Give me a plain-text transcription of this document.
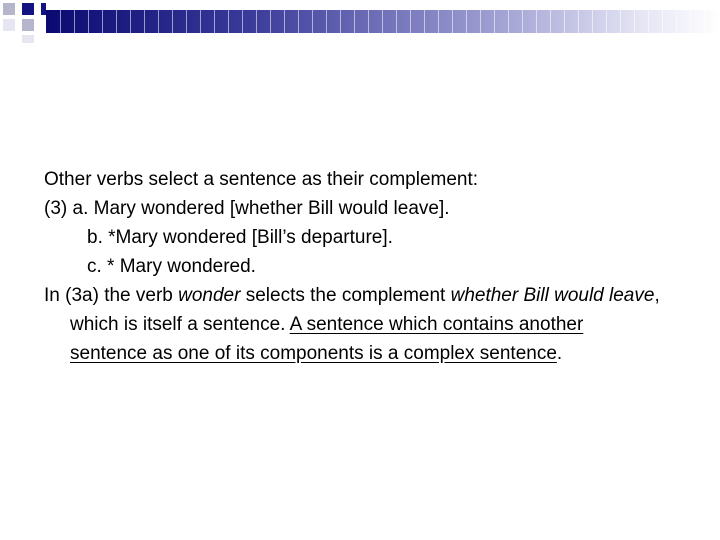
Other verbs select a sentence as their complement:

(3) a. Mary wondered [whether Bill would leave].

b. *Mary wondered [Bill’s departure].

c. * Mary wondered.

In (3a) the verb wonder selects the complement whether Bill would leave, which is itself a sentence. A sentence which contains another sentence as one of its components is a complex sentence.
